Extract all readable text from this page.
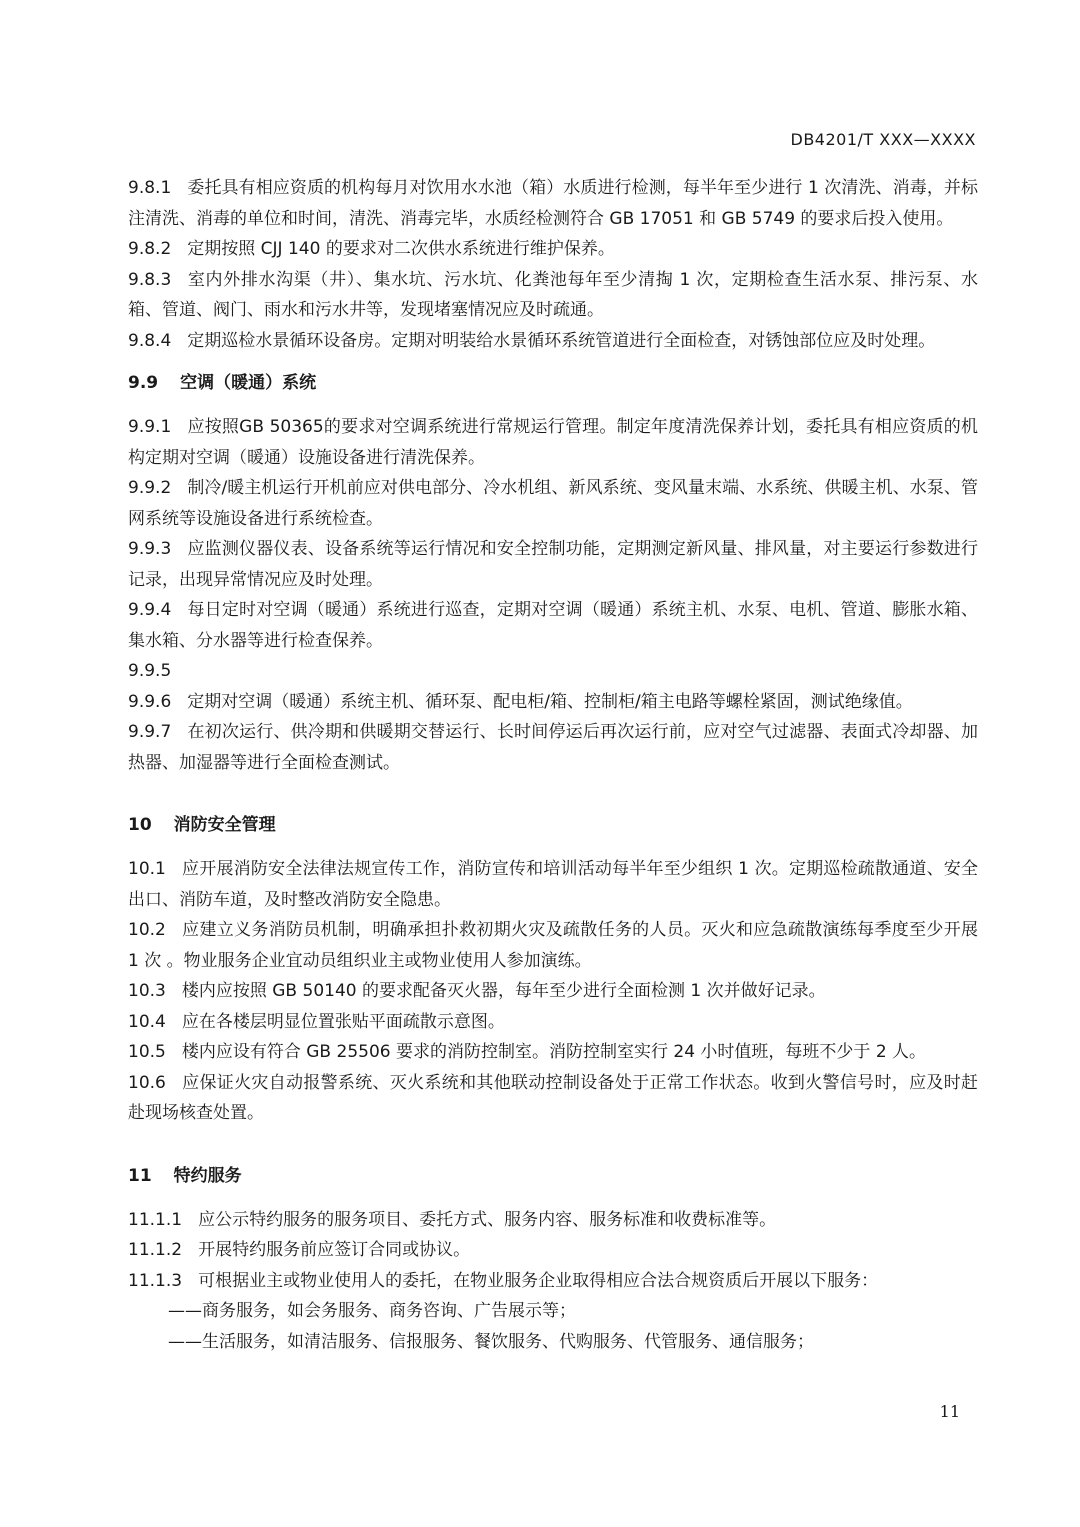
DB4201/T XXX—XXXX

9.8.1 委托具有相应资质的机构每月对饮用水水池（箱）水质进行检测，每半年至少进行 1 次清洗、消毒，并标注清洗、消毒的单位和时间，清洗、消毒完毕，水质经检测符合 GB 17051 和 GB 5749 的要求后投入使用。

9.8.2 定期按照 CJJ 140 的要求对二次供水系统进行维护保养。

9.8.3 室内外排水沟渠（井）、集水坑、污水坑、化粪池每年至少清掏 1 次，定期检查生活水泵、排污泵、水箱、管道、阀门、雨水和污水井等，发现堵塞情况应及时疏通。

9.8.4 定期巡检水景循环设备房。定期对明装给水景循环系统管道进行全面检查，对锈蚀部位应及时处理。

9.9 空调（暖通）系统

9.9.1 应按照GB 50365的要求对空调系统进行常规运行管理。制定年度清洗保养计划，委托具有相应资质的机构定期对空调（暖通）设施设备进行清洗保养。

9.9.2 制冷/暖主机运行开机前应对供电部分、冷水机组、新风系统、变风量末端、水系统、供暖主机、水泵、管网系统等设施设备进行系统检查。

9.9.3 应监测仪器仪表、设备系统等运行情况和安全控制功能，定期测定新风量、排风量，对主要运行参数进行记录，出现异常情况应及时处理。

9.9.4 每日定时对空调（暖通）系统进行巡查，定期对空调（暖通）系统主机、水泵、电机、管道、膨胀水箱、集水箱、分水器等进行检查保养。

9.9.5

9.9.6 定期对空调（暖通）系统主机、循环泵、配电柜/箱、控制柜/箱主电路等螺栓紧固，测试绝缘值。

9.9.7 在初次运行、供冷期和供暖期交替运行、长时间停运后再次运行前，应对空气过滤器、表面式冷却器、加热器、加湿器等进行全面检查测试。

10 消防安全管理

10.1 应开展消防安全法律法规宣传工作，消防宣传和培训活动每半年至少组织 1 次。定期巡检疏散通道、安全出口、消防车道，及时整改消防安全隐患。

10.2 应建立义务消防员机制，明确承担扑救初期火灾及疏散任务的人员。灭火和应急疏散演练每季度至少开展 1 次 。物业服务企业宜动员组织业主或物业使用人参加演练。

10.3 楼内应按照 GB 50140 的要求配备灭火器，每年至少进行全面检测 1 次并做好记录。

10.4 应在各楼层明显位置张贴平面疏散示意图。

10.5 楼内应设有符合 GB 25506 要求的消防控制室。消防控制室实行 24 小时值班，每班不少于 2 人。

10.6 应保证火灾自动报警系统、灭火系统和其他联动控制设备处于正常工作状态。收到火警信号时，应及时赶赴现场核查处置。

11 特约服务

11.1.1 应公示特约服务的服务项目、委托方式、服务内容、服务标准和收费标准等。

11.1.2 开展特约服务前应签订合同或协议。

11.1.3 可根据业主或物业使用人的委托，在物业服务企业取得相应合法合规资质后开展以下服务：

——商务服务，如会务服务、商务咨询、广告展示等；

——生活服务，如清洁服务、信报服务、餐饮服务、代购服务、代管服务、通信服务；

11
